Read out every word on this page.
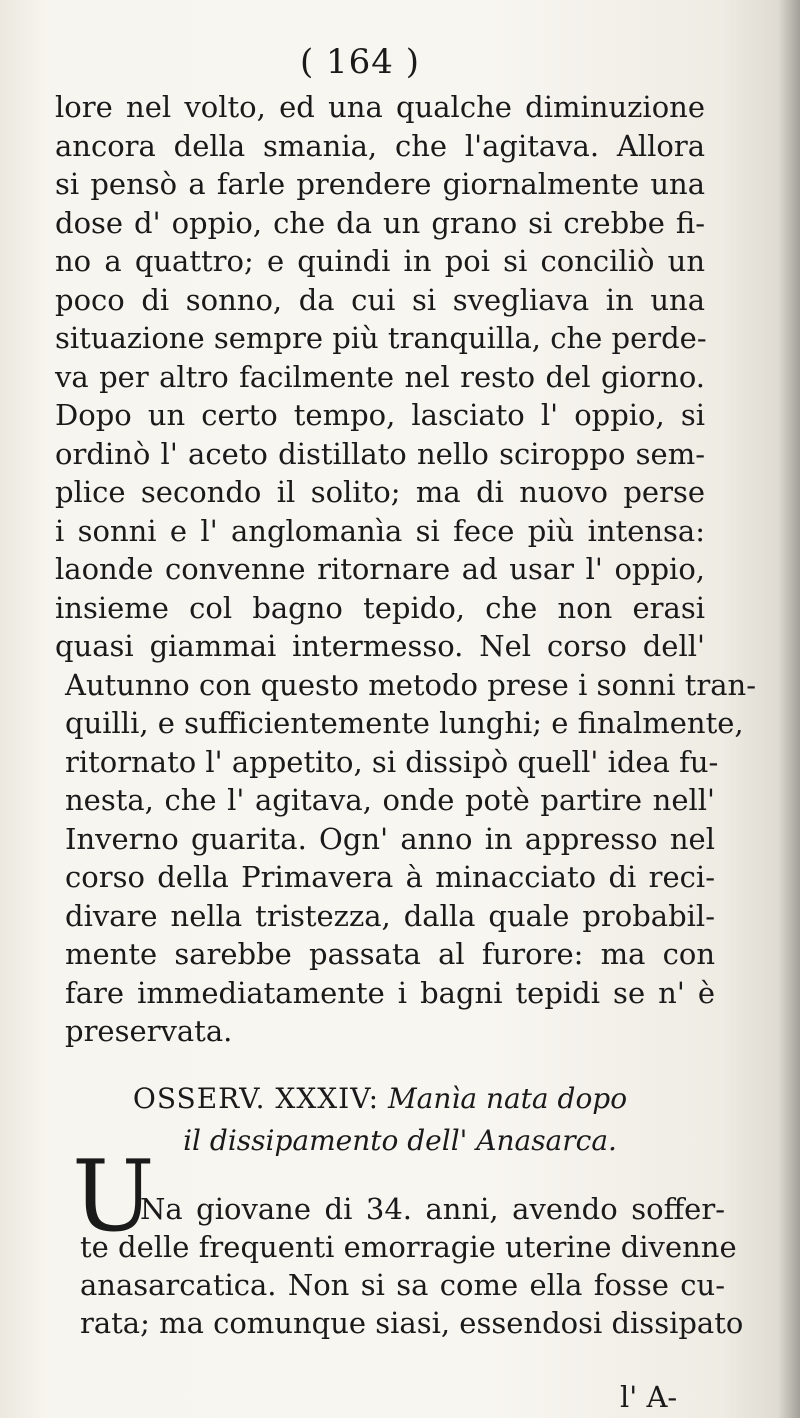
( 164 )
lore nel volto, ed una qualche diminuzione
ancora della smania, che l'agitava. Allora
si pensò a farle prendere giornalmente una
dose d' oppio, che da un grano si crebbe fi-
no a quattro; e quindi in poi si conciliò un
poco di sonno, da cui si svegliava in una
situazione sempre più tranquilla, che perde-
va per altro facilmente nel resto del giorno.
Dopo un certo tempo, lasciato l' oppio, si
ordinò l' aceto distillato nello sciroppo sem-
plice secondo il solito; ma di nuovo perse
i sonni e l' anglomanìa si fece più intensa:
laonde convenne ritornare ad usar l' oppio,
insieme col bagno tepido, che non erasi
quasi giammai intermesso. Nel corso dell'
Autunno con questo metodo prese i sonni tran-
quilli, e sufficientemente lunghi; e finalmente,
ritornato l' appetito, si dissipò quell' idea fu-
nesta, che l' agitava, onde potè partire nell'
Inverno guarita. Ogn' anno in appresso nel
corso della Primavera à minacciato di reci-
divare nella tristezza, dalla quale probabil-
mente sarebbe passata al furore: ma con
fare immediatamente i bagni tepidi se n' è
preservata.
OSSERV. XXXIV: Manìa nata dopo
il dissipamento dell' Anasarca.
U
Na giovane di 34. anni, avendo soffer-
te delle frequenti emorragie uterine divenne
anasarcatica. Non si sa come ella fosse cu-
rata; ma comunque siasi, essendosi dissipato
l' A-
